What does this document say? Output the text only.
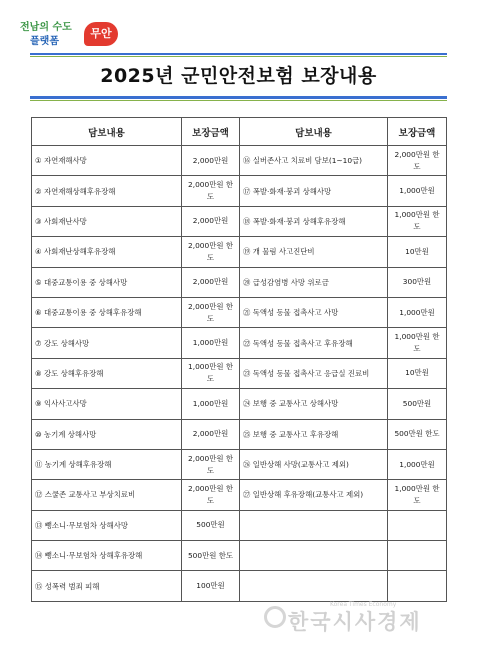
전남의 수도
플랫폼
무안
2025년 군민안전보험 보장내용
담보내용	보장금액	담보내용	보장금액
① 자연재해사망	2,000만원	⑯ 실버존사고 치료비 담보(1~10급)	2,000만원 한도
② 자연재해상해후유장해	2,000만원 한도	⑰ 폭발·화재·붕괴 상해사망	1,000만원
③ 사회재난사망	2,000만원	⑱ 폭발·화재·붕괴 상해후유장해	1,000만원 한도
④ 사회재난상해후유장해	2,000만원 한도	⑲ 개 물림 사고진단비	10만원
⑤ 대중교통이용 중 상해사망	2,000만원	⑳ 급성감염병 사망 위로금	300만원
⑥ 대중교통이용 중 상해후유장해	2,000만원 한도	㉑ 독액성 동물 접촉사고 사망	1,000만원
⑦ 강도 상해사망	1,000만원	㉒ 독액성 동물 접촉사고 후유장해	1,000만원 한도
⑧ 강도 상해후유장해	1,000만원 한도	㉓ 독액성 동물 접촉사고 응급실 진료비	10만원
⑨ 익사사고사망	1,000만원	㉔ 보행 중 교통사고 상해사망	500만원
⑩ 농기계 상해사망	2,000만원	㉕ 보행 중 교통사고 후유장해	500만원 한도
⑪ 농기계 상해후유장해	2,000만원 한도	㉖ 일반상해 사망(교통사고 제외)	1,000만원
⑫ 스쿨존 교통사고 부상치료비	2,000만원 한도	㉗ 일반상해 후유장해(교통사고 제외)	1,000만원 한도
⑬ 뺑소니·무보험차 상해사망	500만원		
⑭ 뺑소니·무보험차 상해후유장해	500만원 한도		
⑮ 성폭력 범죄 피해	100만원		
Korea Times Economy
한국시사경제
